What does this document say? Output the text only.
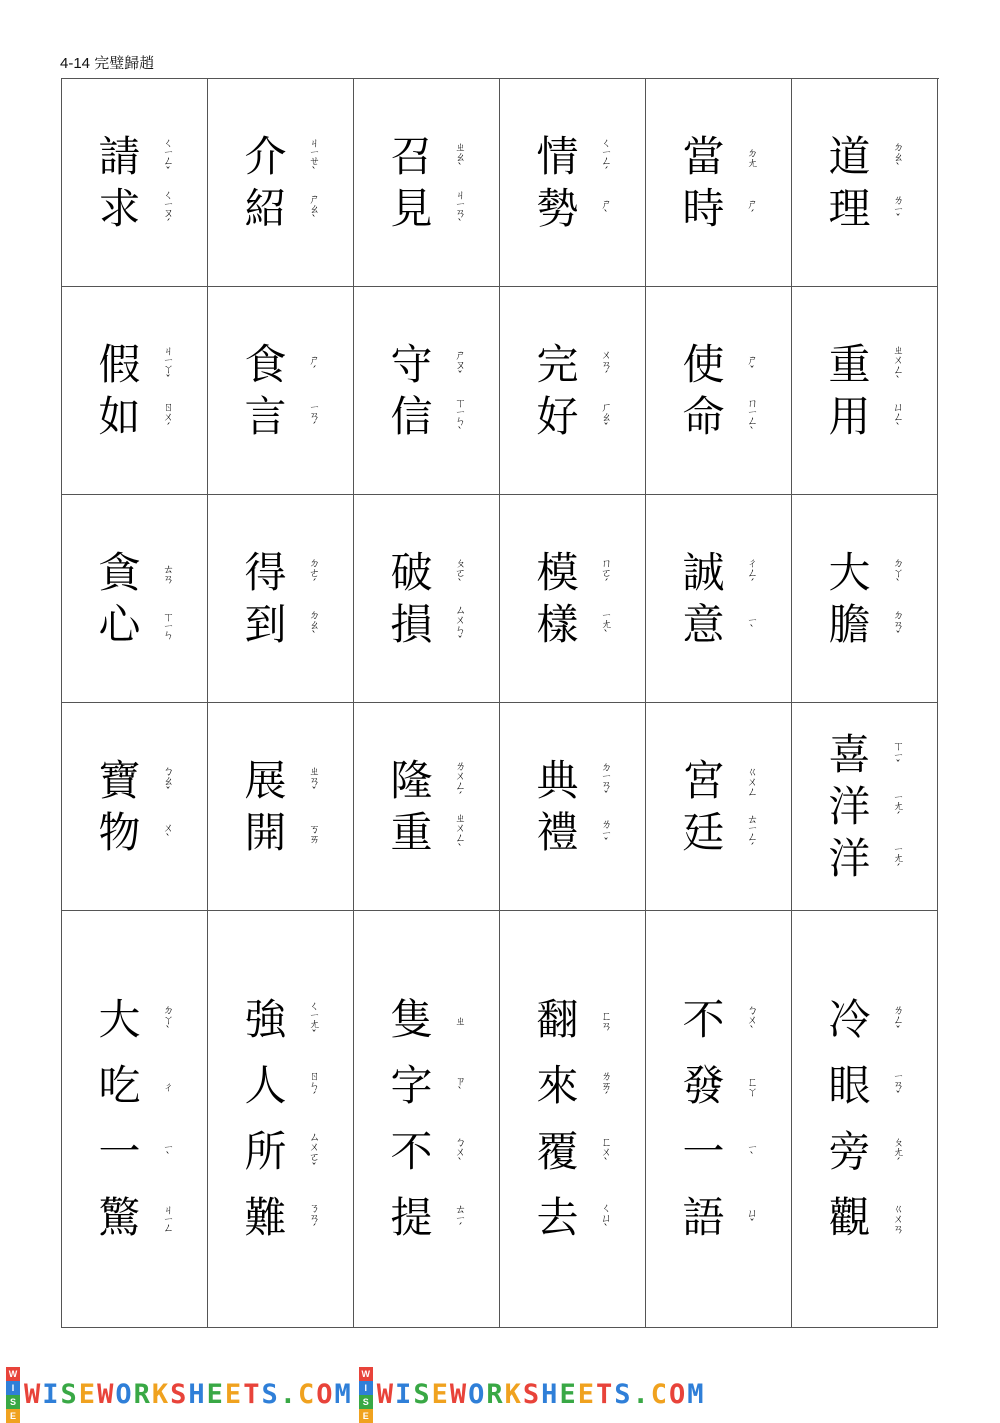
4-14 完璧歸趙
請	ㄑㄧㄥˇ
求	ㄑㄧㄡˊ
介	ㄐㄧㄝˋ
紹	ㄕㄠˋ
召	ㄓㄠˋ
見	ㄐㄧㄢˋ
情	ㄑㄧㄥˊ
勢	ㄕˋ
當	ㄉㄤ
時	ㄕˊ
道	ㄉㄠˋ
理	ㄌㄧˇ
假	ㄐㄧㄚˇ
如	ㄖㄨˊ
食	ㄕˊ
言	ㄧㄢˊ
守	ㄕㄡˇ
信	ㄒㄧㄣˋ
完	ㄨㄢˊ
好	ㄏㄠˇ
使	ㄕˇ
命	ㄇㄧㄥˋ
重	ㄓㄨㄥˋ
用	ㄩㄥˋ
貪	ㄊㄢ
心	ㄒㄧㄣ
得	ㄉㄜˊ
到	ㄉㄠˋ
破	ㄆㄛˋ
損	ㄙㄨㄣˇ
模	ㄇㄛˊ
樣	ㄧㄤˋ
誠	ㄔㄥˊ
意	ㄧˋ
大	ㄉㄚˋ
膽	ㄉㄢˇ
寶	ㄅㄠˇ
物	ㄨˋ
展	ㄓㄢˇ
開	ㄎㄞ
隆	ㄌㄨㄥˊ
重	ㄓㄨㄥˋ
典	ㄉㄧㄢˇ
禮	ㄌㄧˇ
宮	ㄍㄨㄥ
廷	ㄊㄧㄥˊ
喜	ㄒㄧˇ
洋	ㄧㄤˊ
洋	ㄧㄤˊ
大	ㄉㄚˋ
吃	ㄔ
一	ㄧˋ
驚	ㄐㄧㄥ
強	ㄑㄧㄤˇ
人	ㄖㄣˊ
所	ㄙㄨㄛˇ
難	ㄋㄢˊ
隻	ㄓ
字	ㄗˋ
不	ㄅㄨˋ
提	ㄊㄧˊ
翻	ㄈㄢ
來	ㄌㄞˊ
覆	ㄈㄨˋ
去	ㄑㄩˋ
不	ㄅㄨˋ
發	ㄈㄚ
一	ㄧˋ
語	ㄩˇ
冷	ㄌㄥˇ
眼	ㄧㄢˇ
旁	ㄆㄤˊ
觀	ㄍㄨㄢ
W
I
S
E
WISEWORKSHEETS.COM
W
I
S
E
WISEWORKSHEETS.COM
